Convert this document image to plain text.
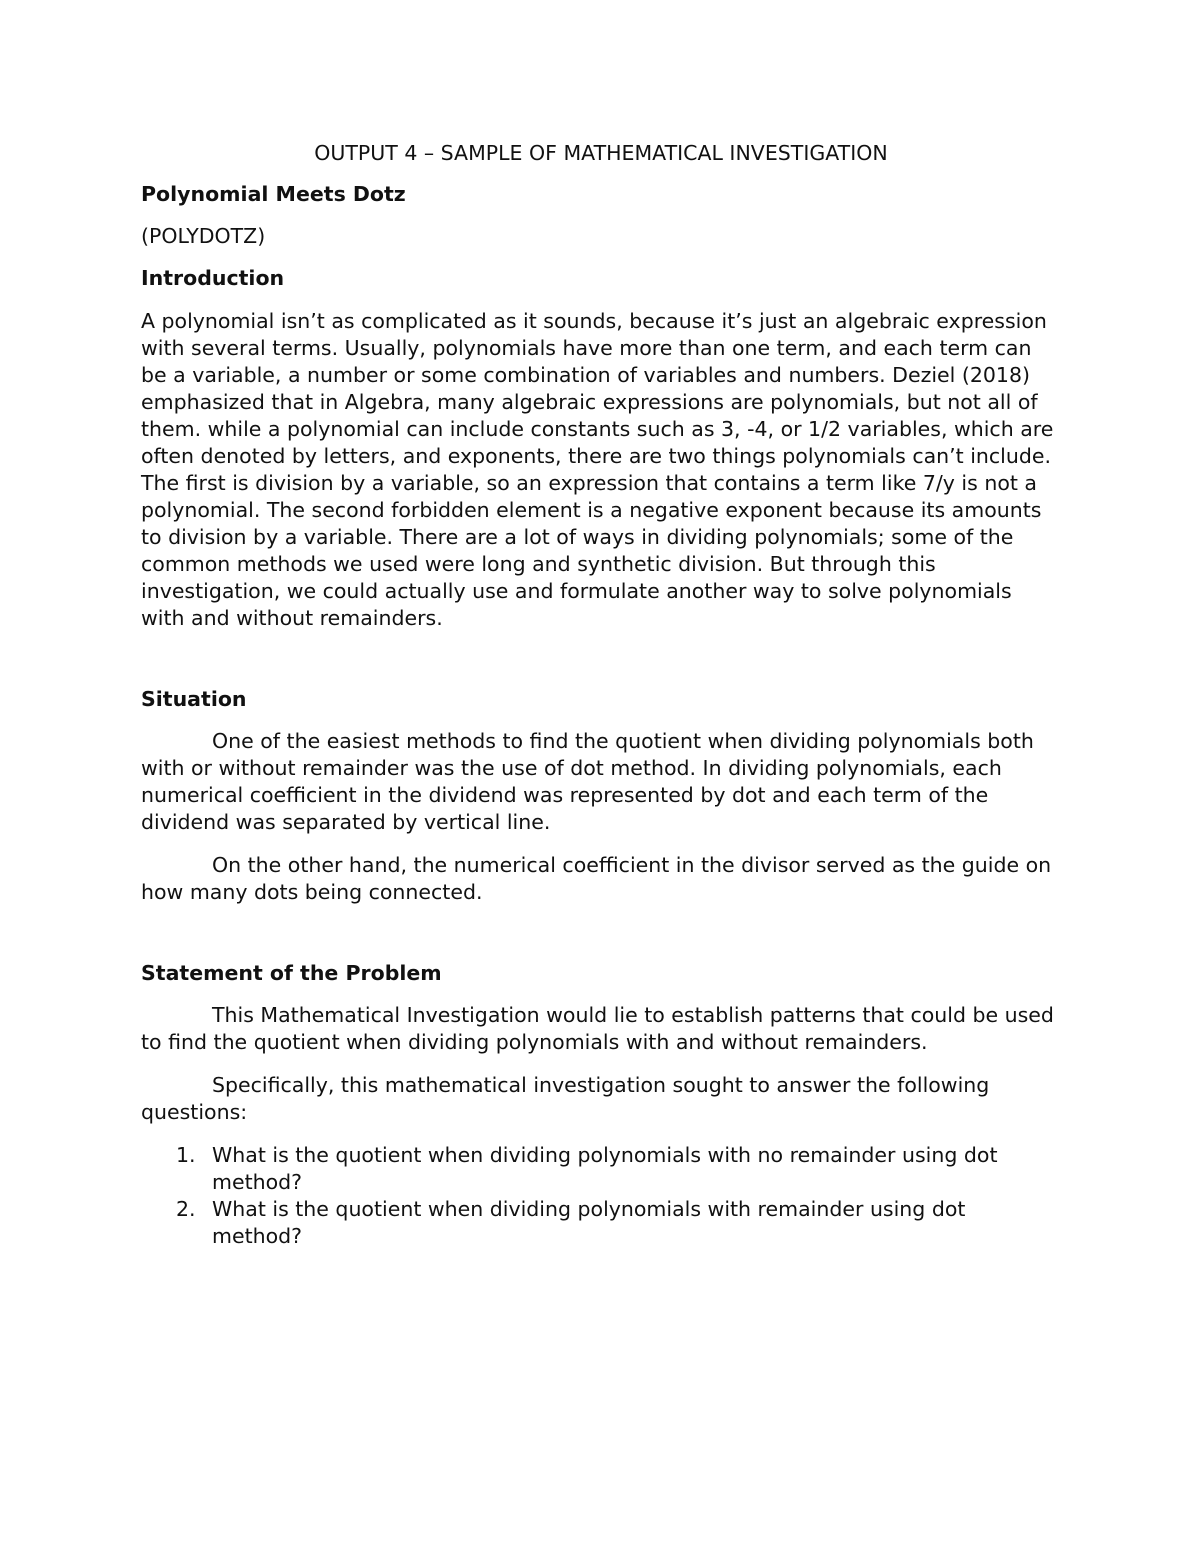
OUTPUT 4 – SAMPLE OF MATHEMATICAL INVESTIGATION
Polynomial Meets Dotz
(POLYDOTZ)
Introduction

A polynomial isn’t as complicated as it sounds, because it’s just an algebraic expression with several terms. Usually, polynomials have more than one term, and each term can be a variable, a number or some combination of variables and numbers. Deziel (2018) emphasized that in Algebra, many algebraic expressions are polynomials, but not all of them. while a polynomial can include constants such as 3, -4, or 1/2 variables, which are often denoted by letters, and exponents, there are two things polynomials can’t include. The first is division by a variable, so an expression that contains a term like 7/y is not a polynomial. The second forbidden element is a negative exponent because its amounts to division by a variable. There are a lot of ways in dividing polynomials; some of the common methods we used were long and synthetic division. But through this investigation, we could actually use and formulate another way to solve polynomials with and without remainders.

Situation

One of the easiest methods to find the quotient when dividing polynomials both with or without remainder was the use of dot method. In dividing polynomials, each numerical coefficient in the dividend was represented by dot and each term of the dividend was separated by vertical line.

On the other hand, the numerical coefficient in the divisor served as the guide on how many dots being connected.

Statement of the Problem

This Mathematical Investigation would lie to establish patterns that could be used to find the quotient when dividing polynomials with and without remainders.

Specifically, this mathematical investigation sought to answer the following questions:

1. What is the quotient when dividing polynomials with no remainder using dot method?
2. What is the quotient when dividing polynomials with remainder using dot method?
